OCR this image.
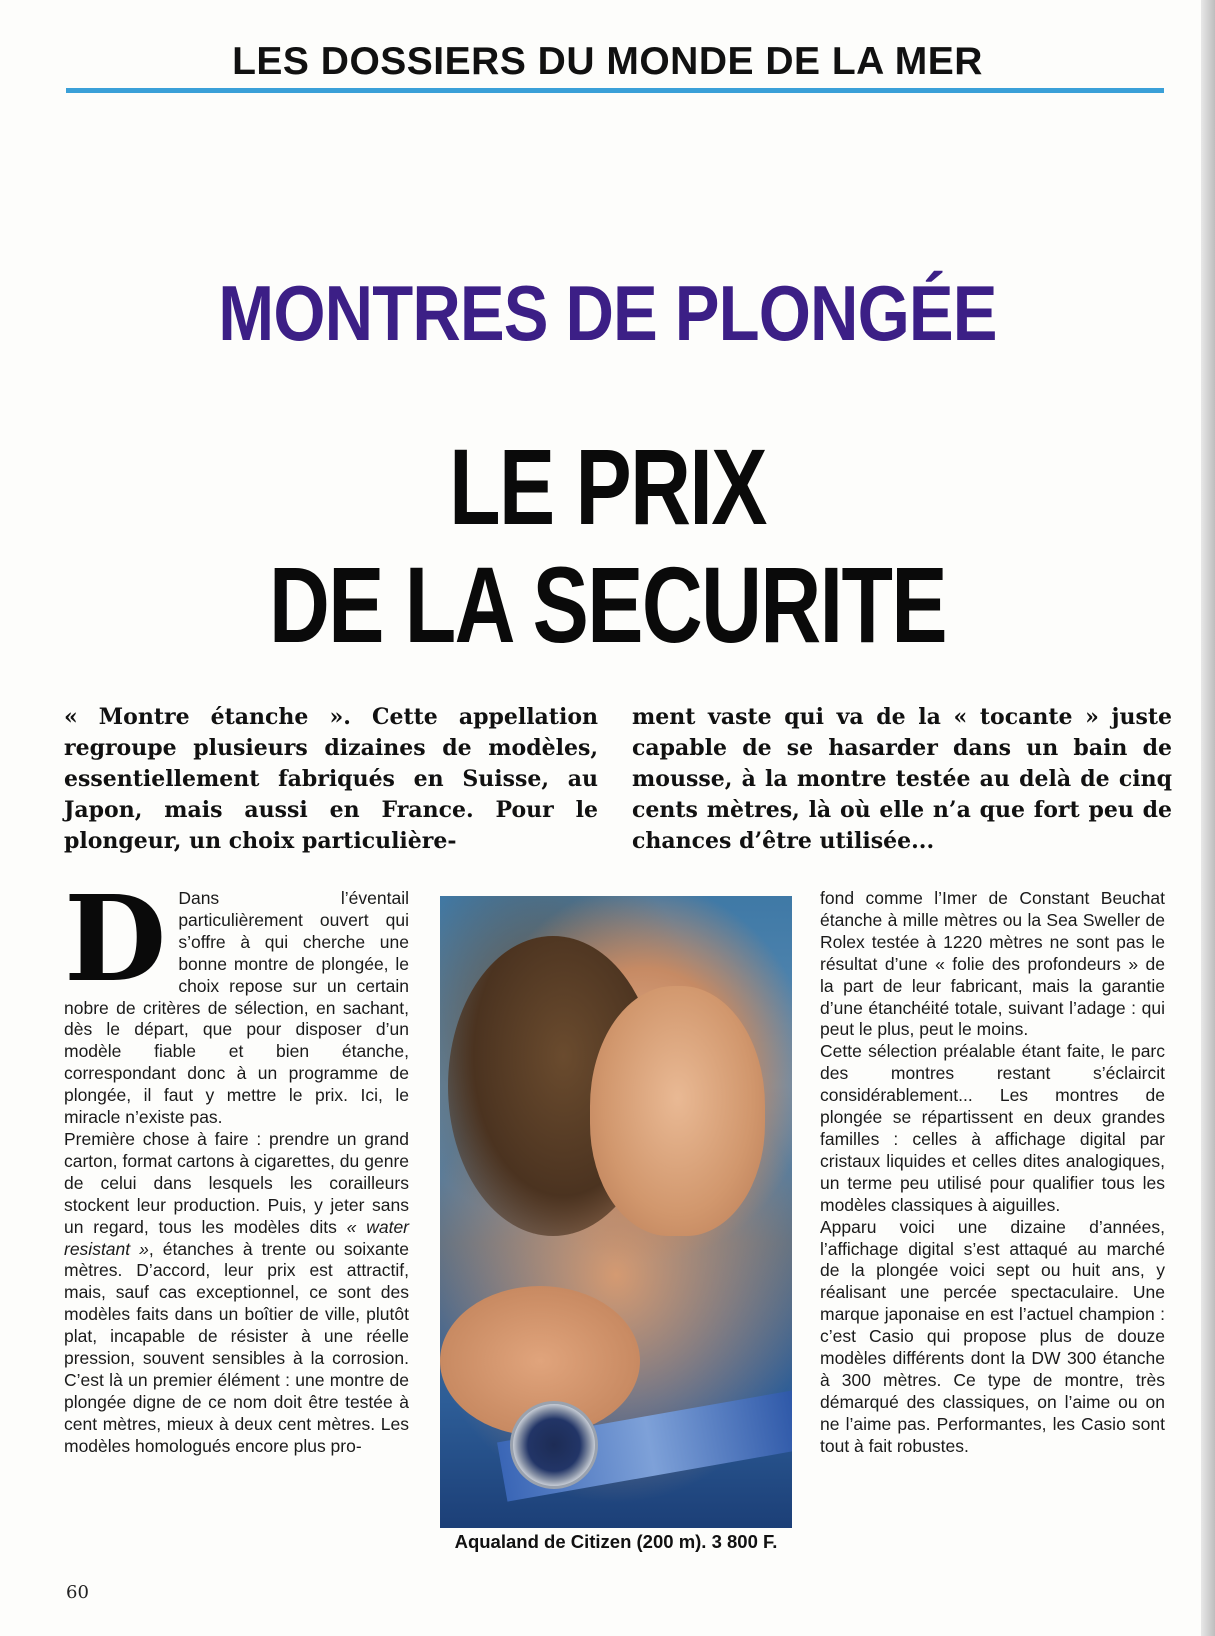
LES DOSSIERS DU MONDE DE LA MER
MONTRES DE PLONGÉE
LE PRIX
DE LA SECURITE
« Montre étanche ». Cette appellation regroupe plusieurs dizaines de modèles, essentiellement fabriqués en Suisse, au Japon, mais aussi en France. Pour le plongeur, un choix particulière-
ment vaste qui va de la « tocante » juste capable de se hasarder dans un bain de mousse, à la montre testée au delà de cinq cents mètres, là où elle n’a que fort peu de chances d’être utilisée...
D Dans l’éventail particulièrement ouvert qui s’offre à qui cherche une bonne montre de plongée, le choix repose sur un certain nobre de critères de sélection, en sachant, dès le départ, que pour disposer d’un modèle fiable et bien étanche, correspondant donc à un programme de plongée, il faut y mettre le prix. Ici, le miracle n’existe pas.

Première chose à faire : prendre un grand carton, format cartons à cigarettes, du genre de celui dans lesquels les corailleurs stockent leur production. Puis, y jeter sans un regard, tous les modèles dits « water resistant », étanches à trente ou soixante mètres. D’accord, leur prix est attractif, mais, sauf cas exceptionnel, ce sont des modèles faits dans un boîtier de ville, plutôt plat, incapable de résister à une réelle pression, souvent sensibles à la corrosion. C’est là un premier élément : une montre de plongée digne de ce nom doit être testée à cent mètres, mieux à deux cent mètres. Les modèles homologués encore plus pro-

Aqualand de Citizen (200 m). 3 800 F.

fond comme l’Imer de Constant Beuchat étanche à mille mètres ou la Sea Sweller de Rolex testée à 1220 mètres ne sont pas le résultat d’une « folie des profondeurs » de la part de leur fabricant, mais la garantie d’une étanchéité totale, suivant l’adage : qui peut le plus, peut le moins.

Cette sélection préalable étant faite, le parc des montres restant s’éclaircit considérablement... Les montres de plongée se répartissent en deux grandes familles : celles à affichage digital par cristaux liquides et celles dites analogiques, un terme peu utilisé pour qualifier tous les modèles classiques à aiguilles.

Apparu voici une dizaine d’années, l’affichage digital s’est attaqué au marché de la plongée voici sept ou huit ans, y réalisant une percée spectaculaire. Une marque japonaise en est l’actuel champion : c’est Casio qui propose plus de douze modèles différents dont la DW 300 étanche à 300 mètres. Ce type de montre, très démarqué des classiques, on l’aime ou on ne l’aime pas. Performantes, les Casio sont tout à fait robustes.

60
